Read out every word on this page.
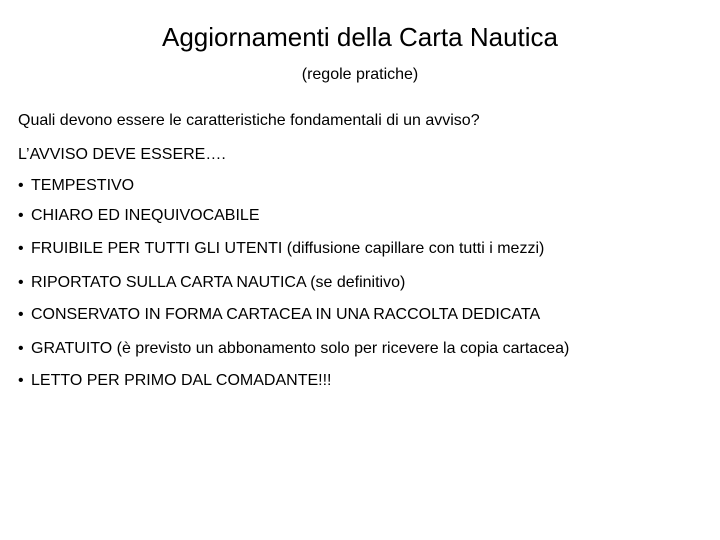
Aggiornamenti della Carta Nautica

(regole pratiche)

Quali devono essere le caratteristiche fondamentali di un avviso?

L’AVVISO DEVE ESSERE….

• TEMPESTIVO

• CHIARO ED INEQUIVOCABILE

• FRUIBILE PER TUTTI GLI UTENTI (diffusione capillare con tutti i mezzi)

• RIPORTATO SULLA CARTA NAUTICA (se definitivo)

• CONSERVATO IN FORMA CARTACEA IN UNA RACCOLTA DEDICATA

• GRATUITO (è previsto un abbonamento solo per ricevere la copia cartacea)

• LETTO PER PRIMO DAL COMADANTE!!!
